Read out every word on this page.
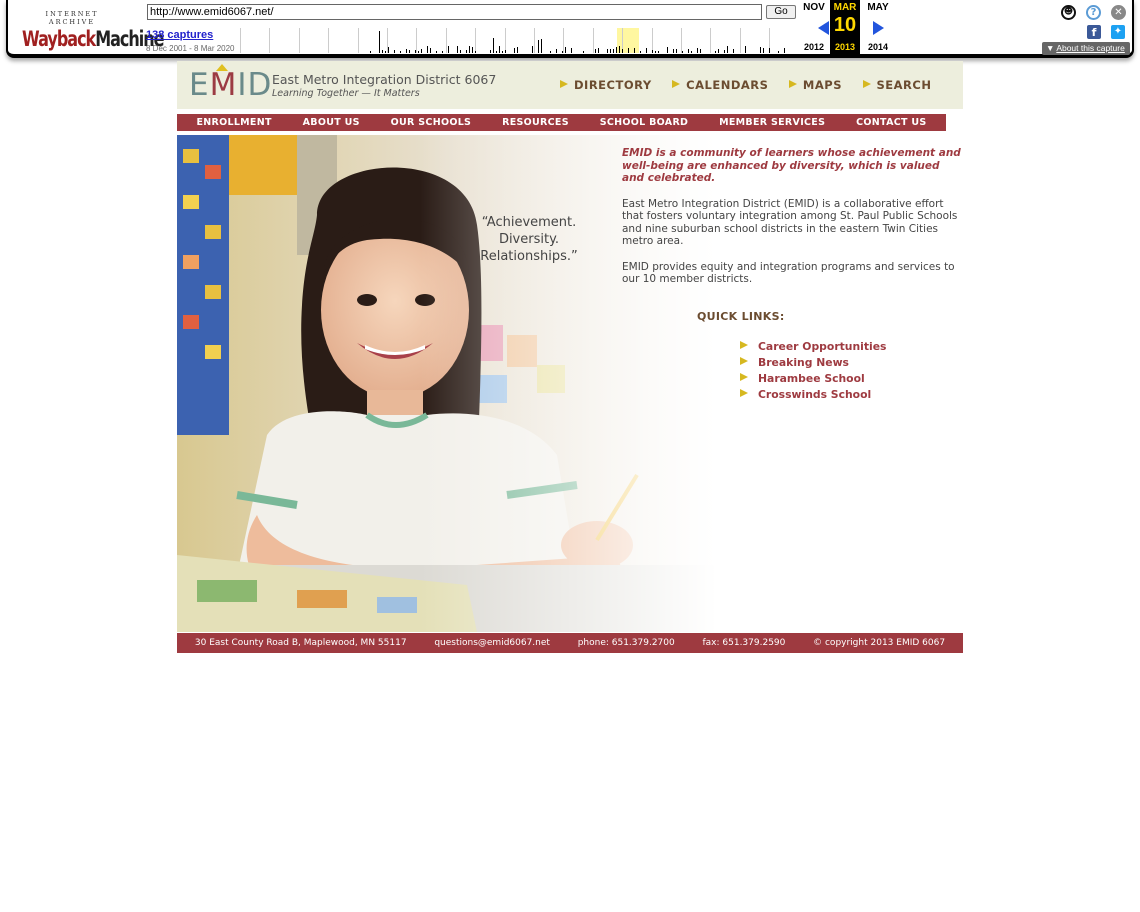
INTERNET ARCHIVE
WaybackMachine
http://www.emid6067.net/
Go
138 captures
8 Dec 2001 - 8 Mar 2020
NOV
2012
MAR
10
2013
MAY
2014
☻	?	✕
f	✦
▼ About this capture
EMID East Metro Integration District 6067
Learning Together — It Matters
DIRECTORY	CALENDARS	MAPS	SEARCH
ENROLLMENT	ABOUT US	OUR SCHOOLS	RESOURCES	SCHOOL BOARD	MEMBER SERVICES	CONTACT US
“Achievement.
Diversity.
Relationships.”

EMID is a community of learners whose achievement and well-being are enhanced by diversity, which is valued and celebrated.

East Metro Integration District (EMID) is a collaborative effort that fosters voluntary integration among St. Paul Public Schools and nine suburban school districts in the eastern Twin Cities metro area.

EMID provides equity and integration programs and services to our 10 member districts.

QUICK LINKS:
Career Opportunities
Breaking News
Harambee School
Crosswinds School
30 East County Road B, Maplewood, MN 55117	questions@emid6067.net	phone: 651.379.2700	fax: 651.379.2590	© copyright 2013 EMID 6067
